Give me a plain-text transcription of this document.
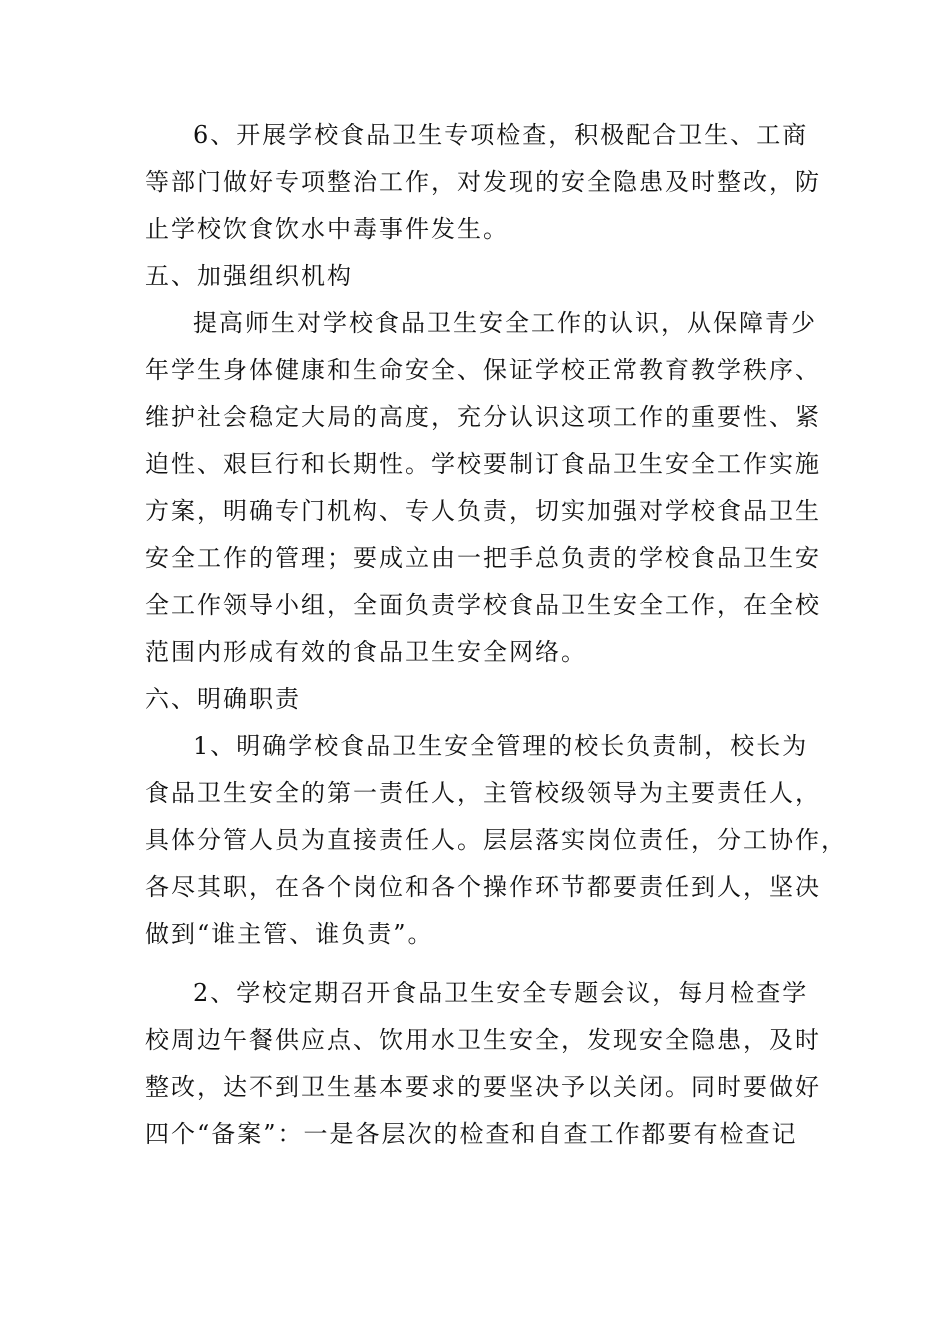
6、开展学校食品卫生专项检查，积极配合卫生、工商
等部门做好专项整治工作，对发现的安全隐患及时整改，防
止学校饮食饮水中毒事件发生。
五、加强组织机构
提高师生对学校食品卫生安全工作的认识，从保障青少
年学生身体健康和生命安全、保证学校正常教育教学秩序、
维护社会稳定大局的高度，充分认识这项工作的重要性、紧
迫性、艰巨行和长期性。学校要制订食品卫生安全工作实施
方案，明确专门机构、专人负责，切实加强对学校食品卫生
安全工作的管理；要成立由一把手总负责的学校食品卫生安
全工作领导小组，全面负责学校食品卫生安全工作，在全校
范围内形成有效的食品卫生安全网络。
六、明确职责
1、明确学校食品卫生安全管理的校长负责制，校长为
食品卫生安全的第一责任人，主管校级领导为主要责任人，
具体分管人员为直接责任人。层层落实岗位责任，分工协作，
各尽其职，在各个岗位和各个操作环节都要责任到人，坚决
做到“谁主管、谁负责”。
2、学校定期召开食品卫生安全专题会议，每月检查学
校周边午餐供应点、饮用水卫生安全，发现安全隐患，及时
整改，达不到卫生基本要求的要坚决予以关闭。同时要做好
四个“备案”：一是各层次的检查和自查工作都要有检查记
